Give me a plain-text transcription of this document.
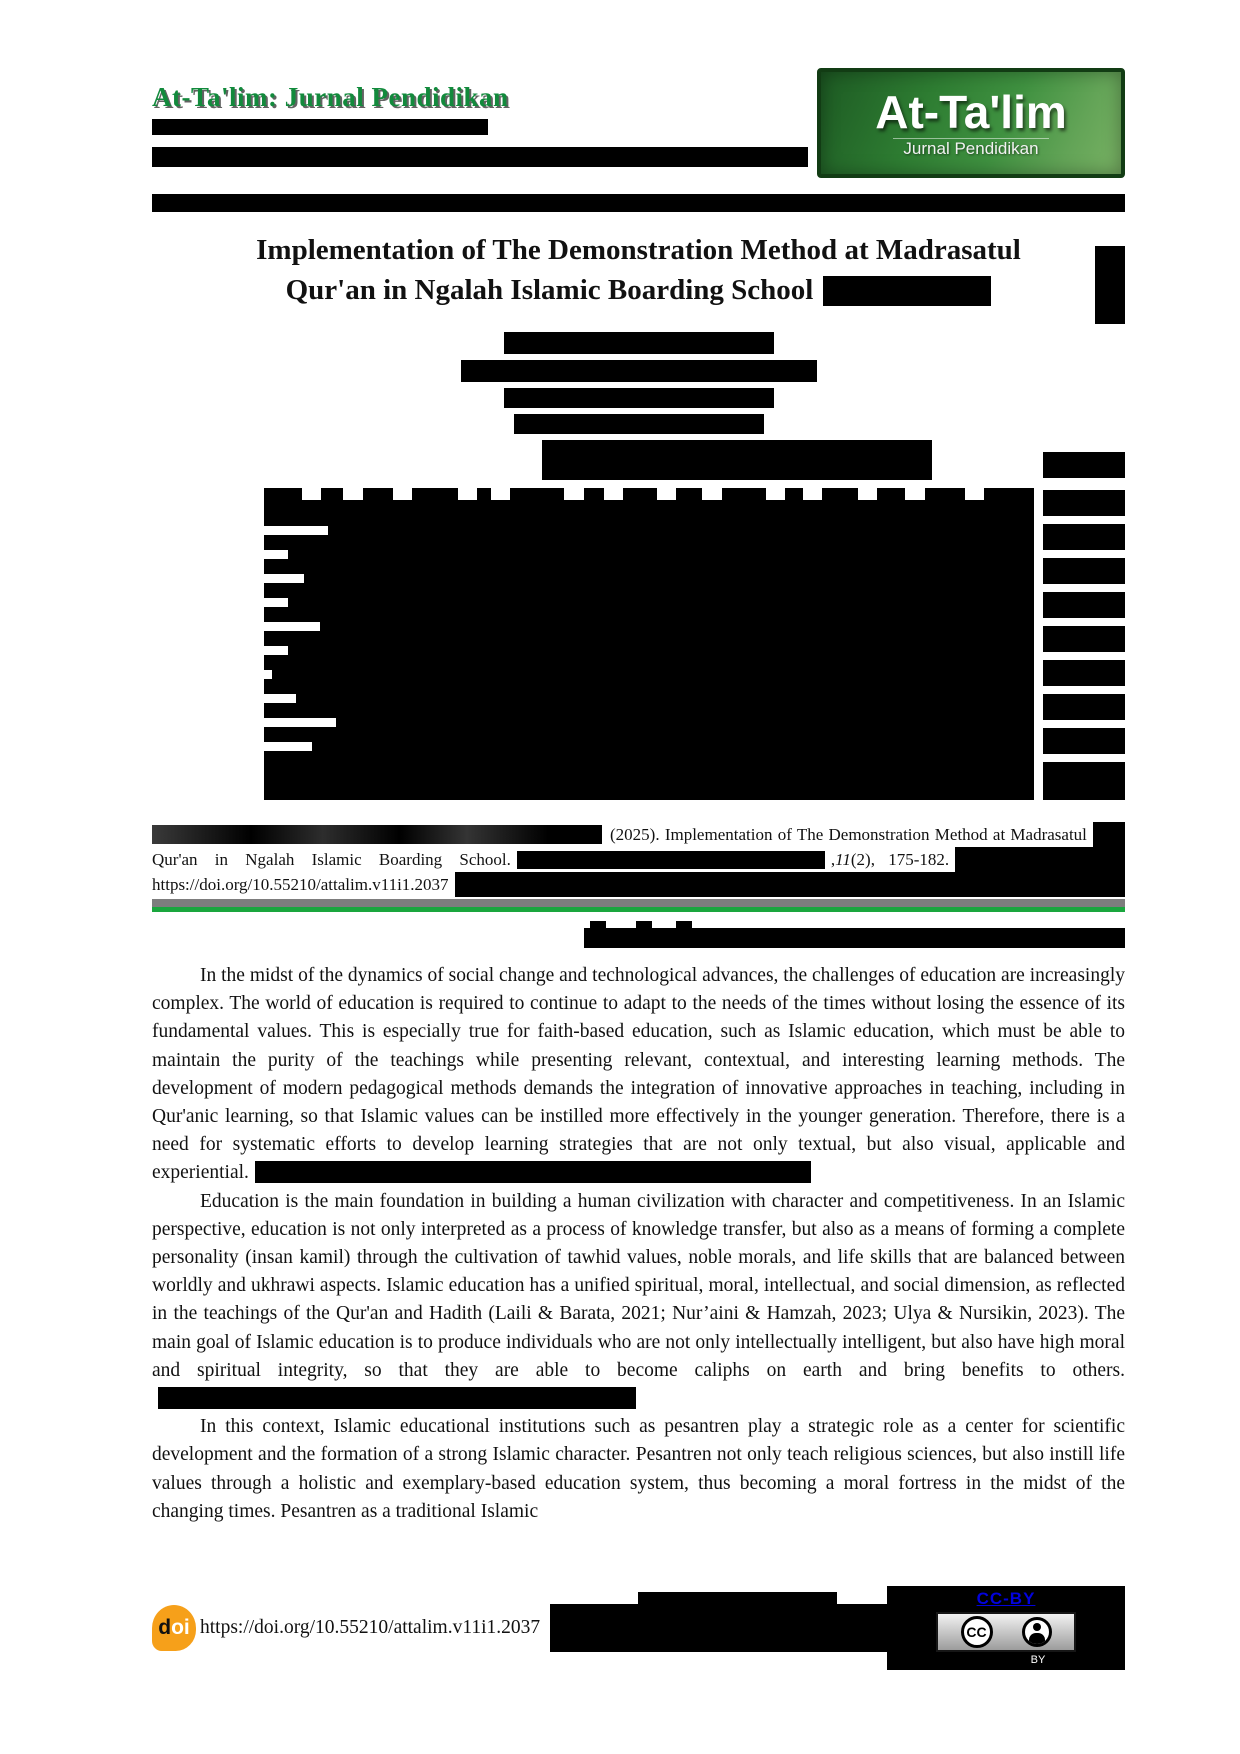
At-Ta'lim: Jurnal Pendidikan	At-Ta'lim
Jurnal Pendidikan
Implementation of The Demonstration Method at Madrasatul
Qur'an in Ngalah Islamic Boarding School
(2025). Implementation of The Demonstration Method at Madrasatul
Qur'an in Ngalah Islamic Boarding School.	, 11 (2), 175-182.
https://doi.org/10.55210/attalim.v11i1.2037

In the midst of the dynamics of social change and technological advances, the challenges of education are increasingly complex. The world of education is required to continue to adapt to the needs of the times without losing the essence of its fundamental values. This is especially true for faith-based education, such as Islamic education, which must be able to maintain the purity of the teachings while presenting relevant, contextual, and interesting learning methods. The development of modern pedagogical methods demands the integration of innovative approaches in teaching, including in Qur'anic learning, so that Islamic values can be instilled more effectively in the younger generation. Therefore, there is a need for systematic efforts to develop learning strategies that are not only textual, but also visual, applicable and experiential.

Education is the main foundation in building a human civilization with character and competitiveness. In an Islamic perspective, education is not only interpreted as a process of knowledge transfer, but also as a means of forming a complete personality (insan kamil) through the cultivation of tawhid values, noble morals, and life skills that are balanced between worldly and ukhrawi aspects. Islamic education has a unified spiritual, moral, intellectual, and social dimension, as reflected in the teachings of the Qur'an and Hadith (Laili & Barata, 2021; Nur’aini & Hamzah, 2023; Ulya & Nursikin, 2023). The main goal of Islamic education is to produce individuals who are not only intellectually intelligent, but also have high moral and spiritual integrity, so that they are able to become caliphs on earth and bring benefits to others.

In this context, Islamic educational institutions such as pesantren play a strategic role as a center for scientific development and the formation of a strong Islamic character. Pesantren not only teach religious sciences, but also instill life values through a holistic and exemplary-based education system, thus becoming a moral fortress in the midst of the changing times. Pesantren as a traditional Islamic

d oi https://doi.org/10.55210/attalim.v11i1.2037
CC-BY
CC
BY
